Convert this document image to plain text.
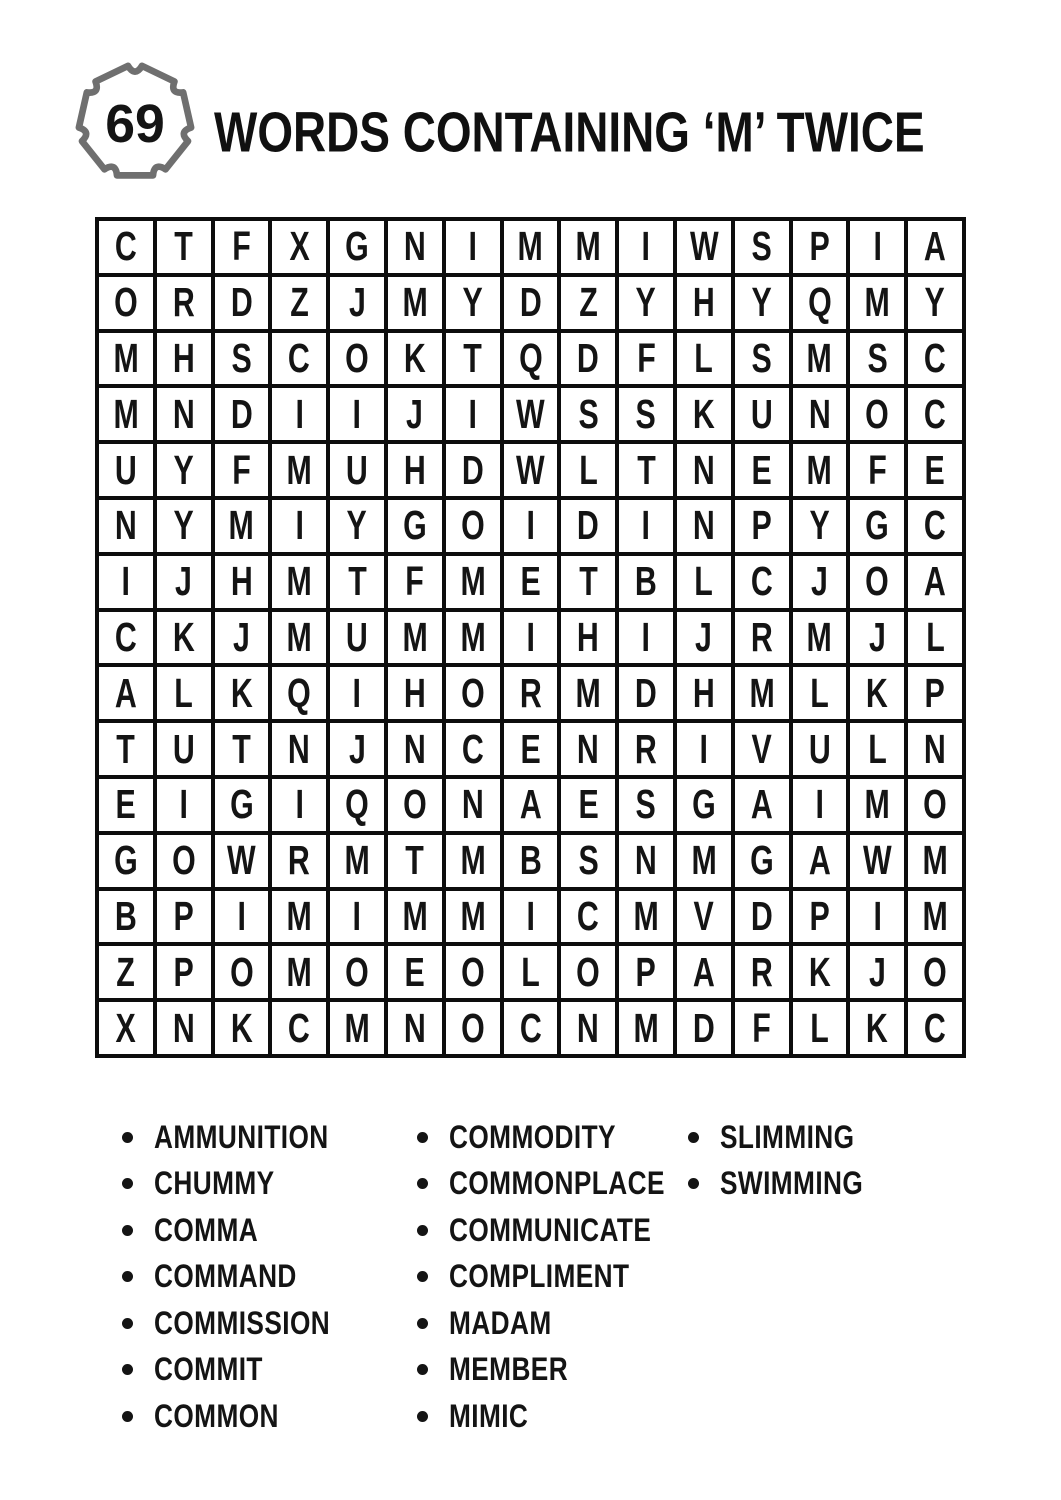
69 WORDS CONTAINING ‘M’ TWICE
C T F X G N I M M I W S P I A
O R D Z J M Y D Z Y H Y Q M Y
M H S C O K T Q D F L S M S C
M N D I I J I W S S K U N O C
U Y F M U H D W L T N E M F E
N Y M I Y G O I D I N P Y G C
I J H M T F M E T B L C J O A
C K J M U M M I H I J R M J L
A L K Q I H O R M D H M L K P
T U T N J N C E N R I V U L N
E I G I Q O N A E S G A I M O
G O W R M T M B S N M G A W M
B P I M I M M I C M V D P I M
Z P O M O E O L O P A R K J O
X N K C M N O C N M D F L K C
AMMUNITION
CHUMMY
COMMA
COMMAND
COMMISSION
COMMIT
COMMON
COMMODITY
COMMONPLACE
COMMUNICATE
COMPLIMENT
MADAM
MEMBER
MIMIC
SLIMMING
SWIMMING
